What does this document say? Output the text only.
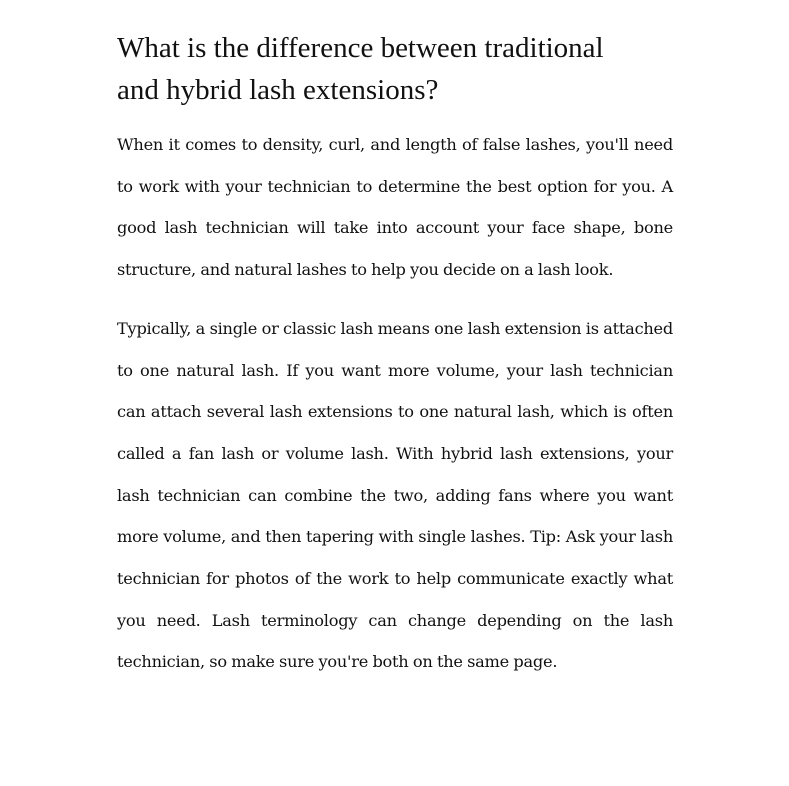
What is the difference between traditional
and hybrid lash extensions?

When it comes to density, curl, and length of false lashes, you'll need to work with your technician to determine the best option for you. A good lash technician will take into account your face shape, bone structure, and natural lashes to help you decide on a lash look.

Typically, a single or classic lash means one lash extension is attached to one natural lash. If you want more volume, your lash technician can attach several lash extensions to one natural lash, which is often called a fan lash or volume lash. With hybrid lash extensions, your lash technician can combine the two, adding fans where you want more volume, and then tapering with single lashes. Tip: Ask your lash technician for photos of the work to help communicate exactly what you need. Lash terminology can change depending on the lash technician, so make sure you're both on the same page.
